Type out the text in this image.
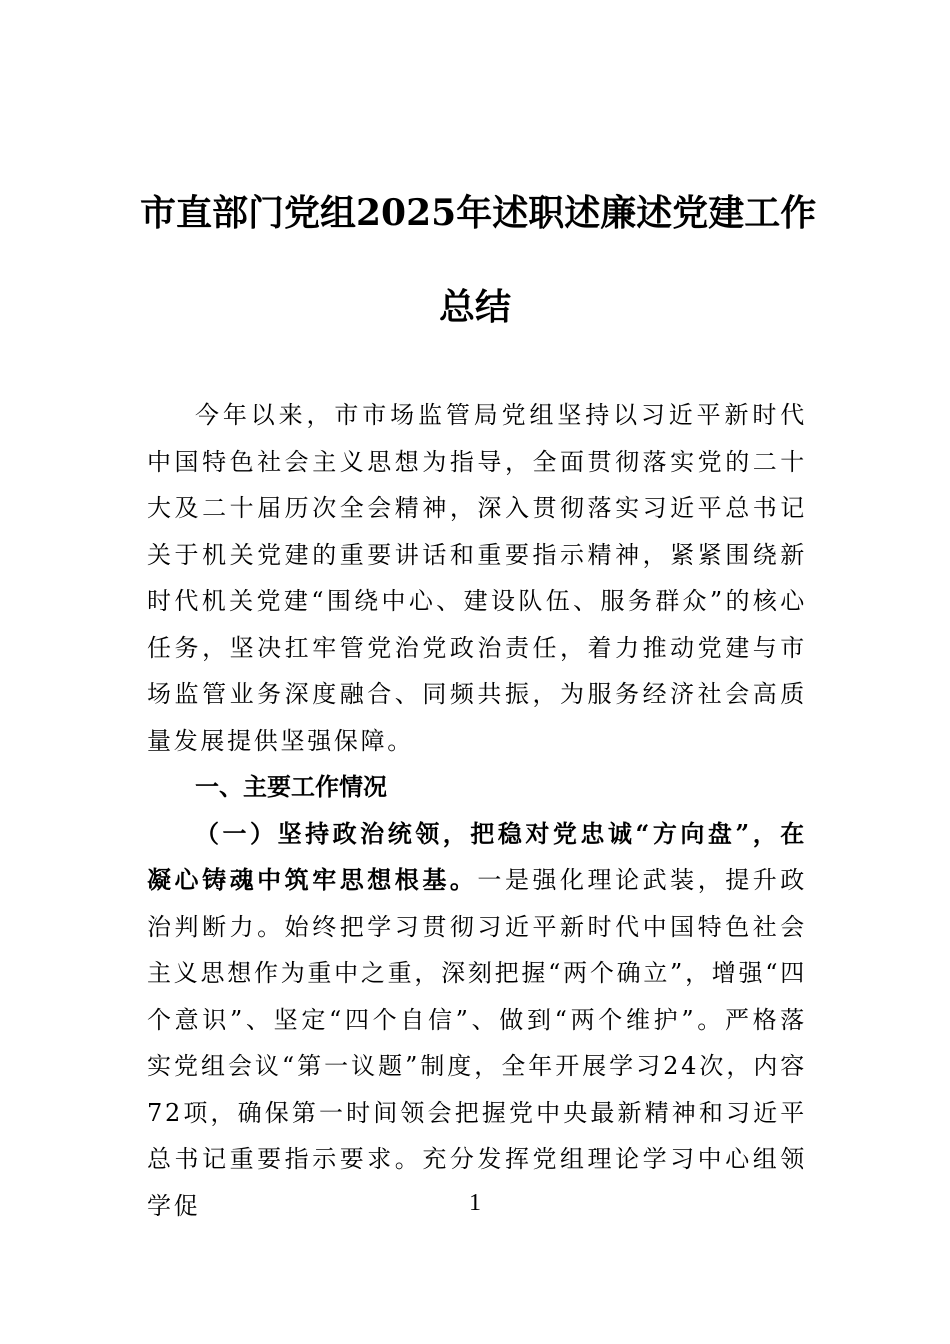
市直部门党组2025年述职述廉述党建工作
总结

今年以来，市市场监管局党组坚持以习近平新时代中国特色社会主义思想为指导，全面贯彻落实党的二十大及二十届历次全会精神，深入贯彻落实习近平总书记关于机关党建的重要讲话和重要指示精神，紧紧围绕新时代机关党建“围绕中心、建设队伍、服务群众”的核心任务，坚决扛牢管党治党政治责任，着力推动党建与市场监管业务深度融合、同频共振，为服务经济社会高质量发展提供坚强保障。

一、主要工作情况

（一）坚持政治统领，把稳对党忠诚“方向盘”，在凝心铸魂中筑牢思想根基。一是强化理论武装，提升政治判断力。始终把学习贯彻习近平新时代中国特色社会主义思想作为重中之重，深刻把握“两个确立”，增强“四个意识”、坚定“四个自信”、做到“两个维护”。严格落实党组会议“第一议题”制度，全年开展学习24次，内容72项，确保第一时间领会把握党中央最新精神和习近平总书记重要指示要求。充分发挥党组理论学习中心组领学促	1
